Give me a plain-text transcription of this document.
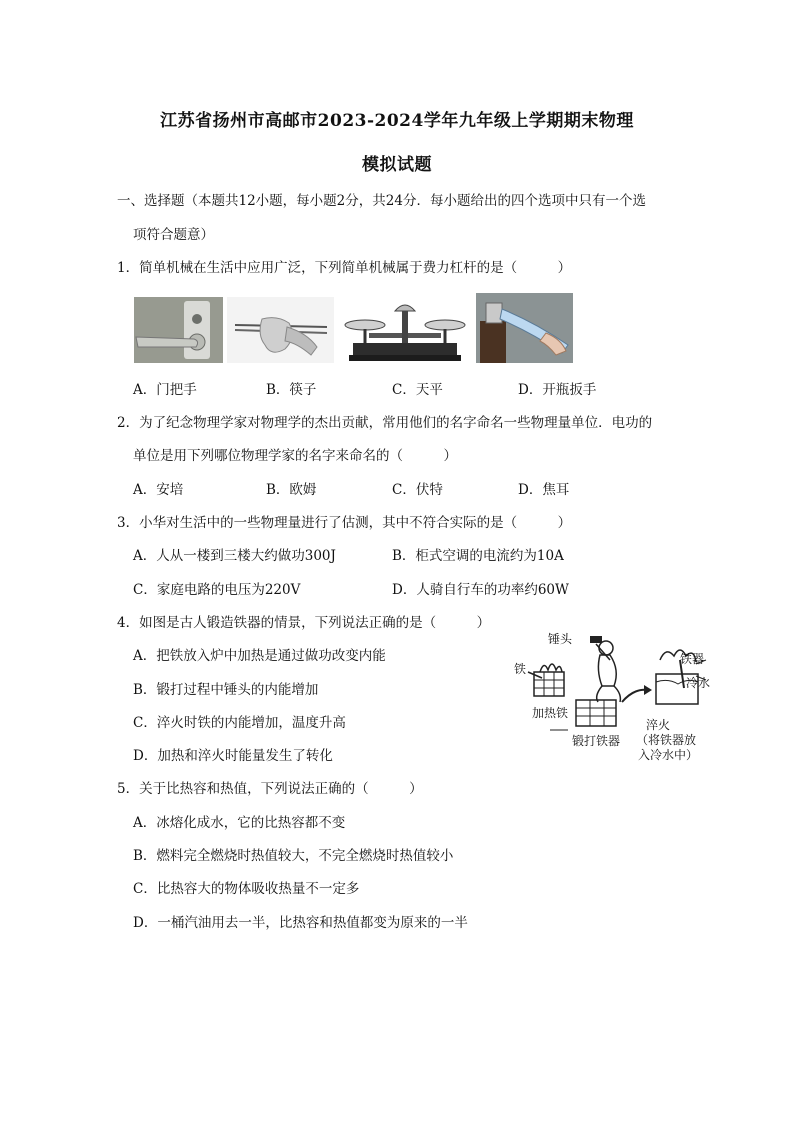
江苏省扬州市高邮市2023-2024学年九年级上学期期末物理
模拟试题
一、选择题（本题共12小题，每小题2分，共24分．每小题给出的四个选项中只有一个选
项符合题意）
1．简单机械在生活中应用广泛，下列简单机械属于费力杠杆的是（　　　）
A．门把手	B．筷子	C．天平	D．开瓶扳手
2．为了纪念物理学家对物理学的杰出贡献，常用他们的名字命名一些物理量单位．电功的
单位是用下列哪位物理学家的名字来命名的（　　　）
A．安培	B．欧姆	C．伏特	D．焦耳
3．小华对生活中的一些物理量进行了估测，其中不符合实际的是（　　　）
A．人从一楼到三楼大约做功300J	B．柜式空调的电流约为10A
C．家庭电路的电压为220V	D．人骑自行车的功率约60W
4．如图是古人锻造铁器的情景，下列说法正确的是（　　　）
A．把铁放入炉中加热是通过做功改变内能
B．锻打过程中锤头的内能增加
C．淬火时铁的内能增加，温度升高
D．加热和淬火时能量发生了转化
锤头
铁
加热铁
锻打铁器
铁器
冷水
淬火
（将铁器放
入冷水中）
5．关于比热容和热值，下列说法正确的（　　　）
A．冰熔化成水，它的比热容都不变
B．燃料完全燃烧时热值较大，不完全燃烧时热值较小
C．比热容大的物体吸收热量不一定多
D．一桶汽油用去一半，比热容和热值都变为原来的一半
